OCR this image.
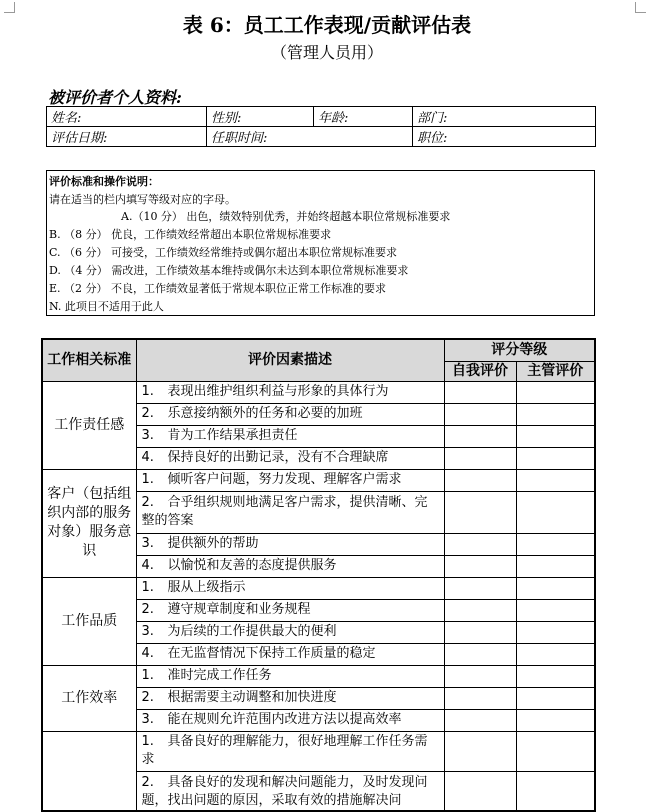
表 6：员工工作表现/贡献评估表
（管理人员用）
被评价者个人资料:
姓名:	性别:	年龄:	部门:
评估日期:	任职时间:		职位:
评价标准和操作说明：
请在适当的栏内填写等级对应的字母。
A.（10 分） 出色，绩效特别优秀，并始终超越本职位常规标准要求
B. （8 分） 优良，工作绩效经常超出本职位常规标准要求
C. （6 分） 可接受，工作绩效经常维持或偶尔超出本职位常规标准要求
D. （4 分） 需改进，工作绩效基本维持或偶尔未达到本职位常规标准要求
E. （2 分） 不良，工作绩效显著低于常规本职位正常工作标准的要求
N. 此项目不适用于此人
工作相关标准	评价因素描述	评分等级	
		自我评价	主管评价
工作责任感	1. 表现出维护组织利益与形象的具体行为		
	2. 乐意接纳额外的任务和必要的加班		
	3. 肯为工作结果承担责任		
	4. 保持良好的出勤记录，没有不合理缺席		
客户（包括组织内部的服务对象）服务意识	1. 倾听客户问题，努力发现、理解客户需求		
	2. 合乎组织规则地满足客户需求，提供清晰、完整的答案		
	3. 提供额外的帮助		
	4. 以愉悦和友善的态度提供服务		
工作品质	1. 服从上级指示		
	2. 遵守规章制度和业务规程		
	3. 为后续的工作提供最大的便利		
	4. 在无监督情况下保持工作质量的稳定		
工作效率	1. 准时完成工作任务		
	2. 根据需要主动调整和加快进度		
	3. 能在规则允许范围内改进方法以提高效率		
	1. 具备良好的理解能力，很好地理解工作任务需求		
	2. 具备良好的发现和解决问题能力，及时发现问题，找出问题的原因，采取有效的措施解决问		
